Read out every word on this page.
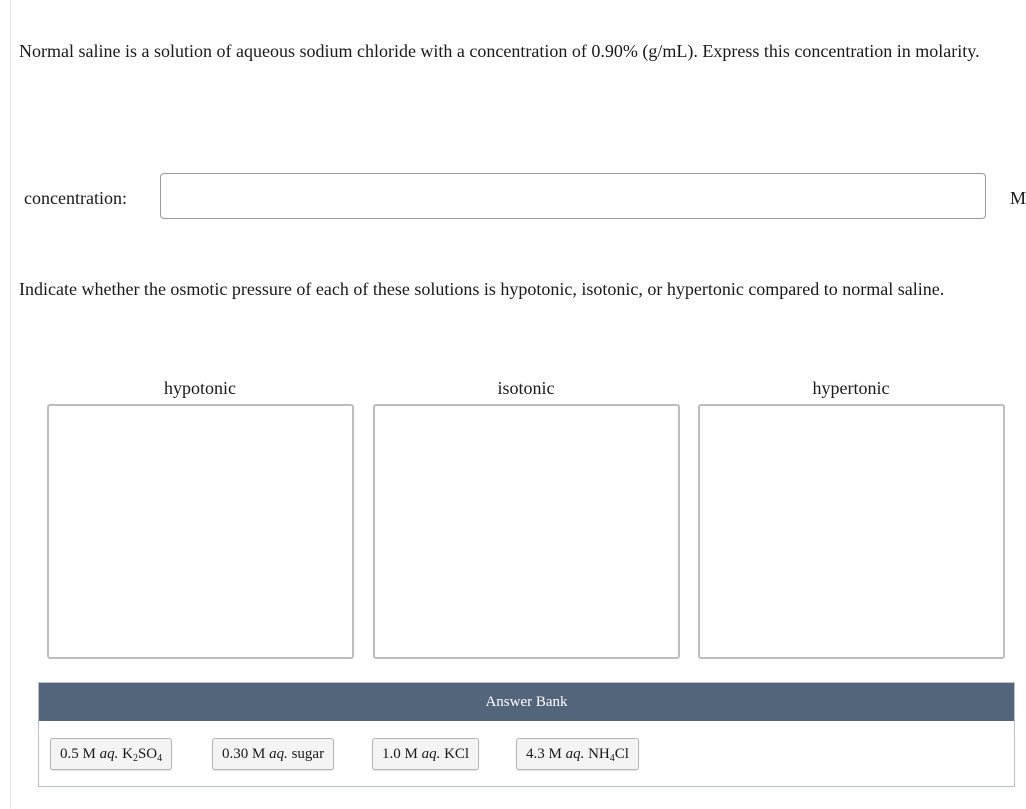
Normal saline is a solution of aqueous sodium chloride with a concentration of 0.90% (g/mL). Express this concentration in molarity.
concentration:	M
Indicate whether the osmotic pressure of each of these solutions is hypotonic, isotonic, or hypertonic compared to normal saline.
hypotonic	isotonic	hypertonic
Answer Bank
0.5 M aq. $K_2SO_4$	0.30 M aq. sugar	1.0 M aq. KCl	4.3 M aq. $NH_4Cl$
